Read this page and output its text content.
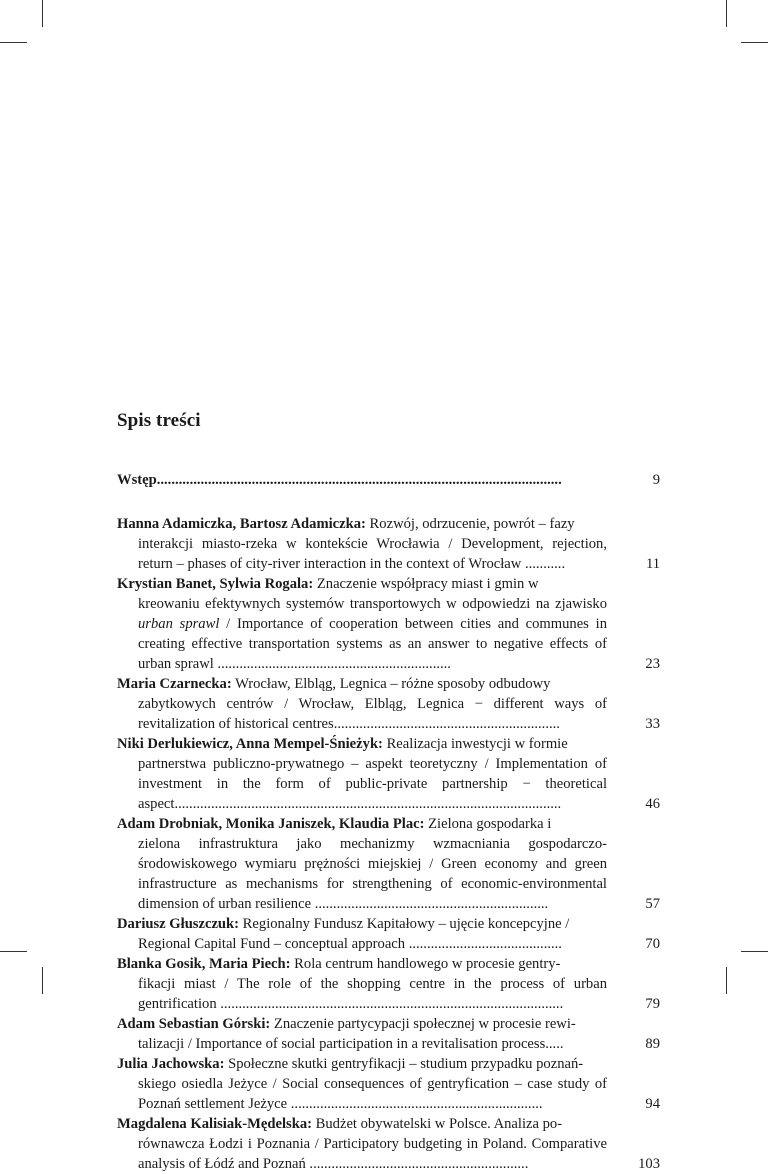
Spis treści
Wstęp...............................................................................................................	9
Hanna Adamiczka, Bartosz Adamiczka: Rozwój, odrzucenie, powrót – fazy
interakcji miasto-rzeka w kontekście Wrocławia / Development, rejection, return – phases of city-river interaction in the context of Wrocław ...........	11
Krystian Banet, Sylwia Rogala: Znaczenie współpracy miast i gmin w
kreowaniu efektywnych systemów transportowych w odpowiedzi na zjawisko urban sprawl / Importance of cooperation between cities and communes in creating effective transportation systems as an answer to negative effects of urban sprawl ................................................................	23
Maria Czarnecka: Wrocław, Elbląg, Legnica – różne sposoby odbudowy
zabytkowych centrów / Wrocław, Elbląg, Legnica − different ways of revitalization of historical centres..............................................................	33
Niki Derlukiewicz, Anna Mempel-Śnieżyk: Realizacja inwestycji w formie
partnerstwa publiczno-prywatnego – aspekt teoretyczny / Implementation of investment in the form of public-private partnership − theoretical aspect..........................................................................................................	46
Adam Drobniak, Monika Janiszek, Klaudia Plac: Zielona gospodarka i
zielona infrastruktura jako mechanizmy wzmacniania gospodarczo-środowiskowego wymiaru prężności miejskiej / Green economy and green infrastructure as mechanisms for strengthening of economic-environmental dimension of urban resilience ................................................................	57
Dariusz Głuszczuk: Regionalny Fundusz Kapitałowy – ujęcie koncepcyjne /
Regional Capital Fund – conceptual approach ..........................................	70
Blanka Gosik, Maria Piech: Rola centrum handlowego w procesie gentry-
fikacji miast / The role of the shopping centre in the process of urban gentrification ..............................................................................................	79
Adam Sebastian Górski: Znaczenie partycypacji społecznej w procesie rewi-
talizacji / Importance of social participation in a revitalisation process.....	89
Julia Jachowska: Społeczne skutki gentryfikacji – studium przypadku poznań-
skiego osiedla Jeżyce / Social consequences of gentryfication – case study of Poznań settlement Jeżyce .....................................................................	94
Magdalena Kalisiak-Mędelska: Budżet obywatelski w Polsce. Analiza po-
równawcza Łodzi i Poznania / Participatory budgeting in Poland. Comparative analysis of Łódź and Poznań ............................................................	103
